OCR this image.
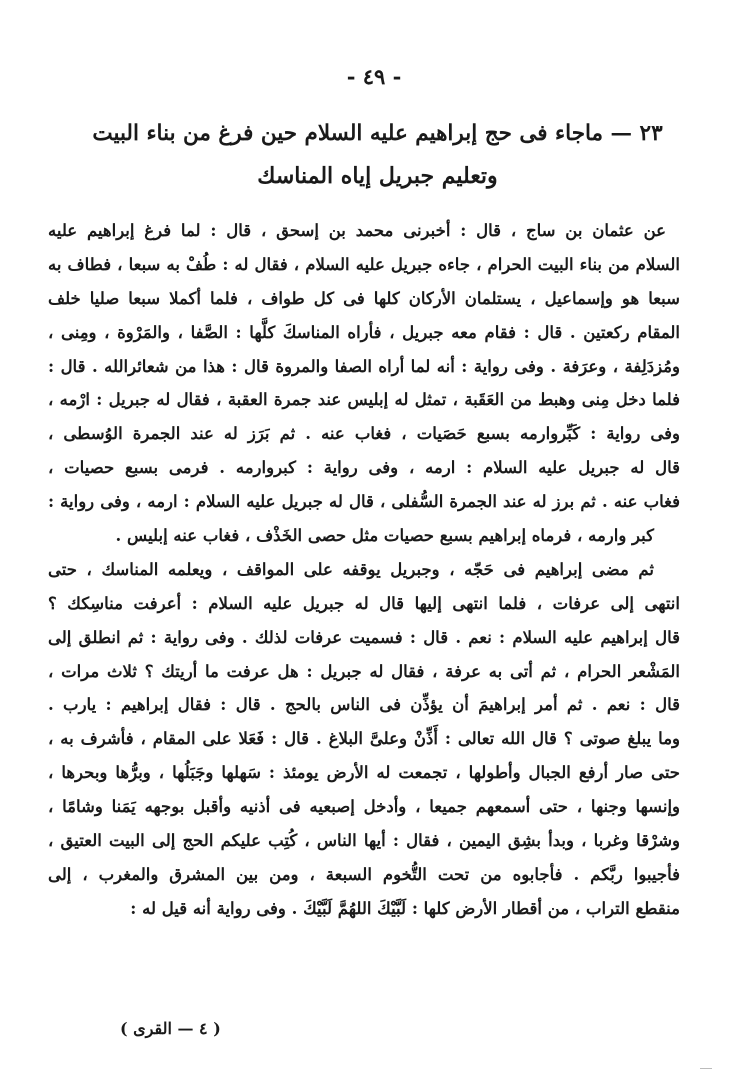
- ٤٩ -
٢٣ — ماجاء فى حج إبراهيم عليه السلام حين فرغ من بناء البيت
وتعليم جبريل إياه المناسك
عن عثمان بن ساج ، قال : أخبرنى محمد بن إسحق ، قال : لما فرغ إبراهيم عليه
السلام من بناء البيت الحرام ، جاءه جبريل عليه السلام ، فقال له : طُفْ به سبعا ، فطاف به
سبعا هو وإسماعيل ، يستلمان الأركان كلها فى كل طواف ، فلما أكملا سبعا صليا خلف
المقام ركعتين . قال : فقام معه جبريل ، فأراه المناسكَ كلَّها : الصَّفا ، والمَرْوة ، ومِنى ،
ومُزدَلِفة ، وعرَفة . وفى رواية : أنه لما أراه الصفا والمروة قال : هذا من شعائرالله . قال :
فلما دخل مِنى وهبط من العَقَبة ، تمثل له إبليس عند جمرة العقبة ، فقال له جبريل : ارْمه ،
وفى رواية : كَبِّروارمه بسبع حَصَيات ، فغاب عنه . ثم بَرَز له عند الجمرة الوُسطى ،
قال له جبريل عليه السلام : ارمه ، وفى رواية : كبروارمه . فرمى بسبع حصيات ،
فغاب عنه . ثم برز له عند الجمرة السُّفلى ، قال له جبريل عليه السلام : ارمه ، وفى رواية :
كبر وارمه ، فرماه إبراهيم بسبع حصيات مثل حصى الخَذْف ، فغاب عنه إبليس .
ثم مضى إبراهيم فى حَجّه ، وجبريل يوقفه على المواقف ، ويعلمه المناسك ، حتى
انتهى إلى عرفات ، فلما انتهى إليها قال له جبريل عليه السلام : أعرفت مناسِكك ؟
قال إبراهيم عليه السلام : نعم . قال : فسميت عرفات لذلك . وفى رواية : ثم انطلق إلى
المَشْعر الحرام ، ثم أتى به عرفة ، فقال له جبريل : هل عرفت ما أريتك ؟ ثلاث مرات ،
قال : نعم . ثم أمر إبراهيمَ أن يؤذِّن فى الناس بالحج . قال : فقال إبراهيم : يارب .
وما يبلغ صوتى ؟ قال الله تعالى : أَذِّنْ وعلىَّ البلاغ . قال : فَعَلا على المقام ، فأشرف به ،
حتى صار أرفع الجبال وأطولها ، تجمعت له الأرض يومئذ : سَهلها وجَبَلُها ، وبرُّها وبحرها ،
وإنسها وجنها ، حتى أسمعهم جميعا ، وأدخل إصبعيه فى أذنيه وأقبل بوجهه يَمَنا وشامًا ،
وشرْقا وغربا ، وبدأ بشِق اليمين ، فقال : أيها الناس ، كُتِب عليكم الحج إلى البيت العتيق ،
فأجيبوا ربَّكم . فأجابوه من تحت التُّخوم السبعة ، ومن بين المشرق والمغرب ، إلى
منقطع التراب ، من أقطار الأرض كلها : لَبَّيْكَ اللهُمَّ لَبَّيْكَ . وفى رواية أنه قيل له :
( ٤ — القرى )
